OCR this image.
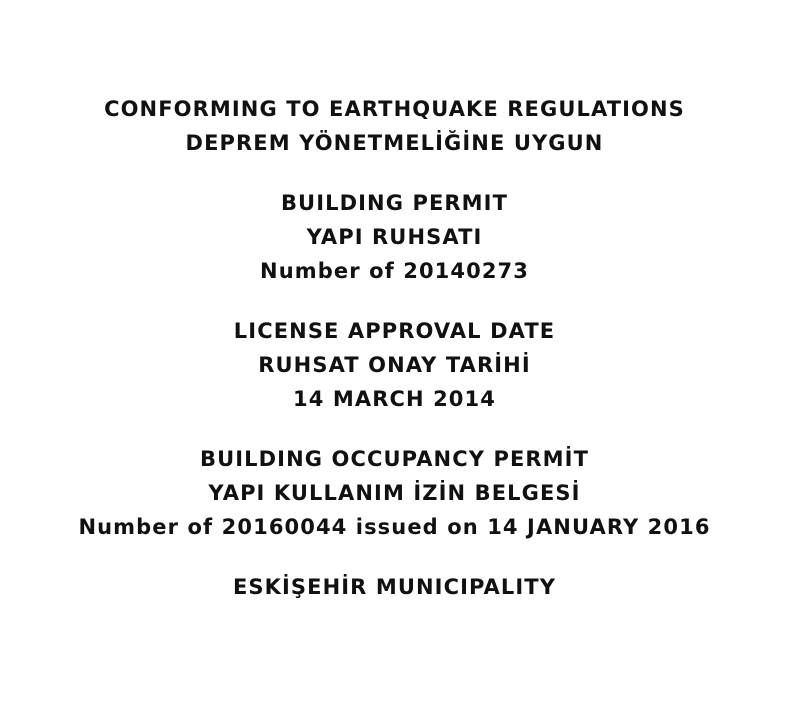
CONFORMING TO EARTHQUAKE REGULATIONS
DEPREM YÖNETMELİĞİNE UYGUN
BUILDING PERMIT
YAPI RUHSATI
Number of 20140273
LICENSE APPROVAL DATE
RUHSAT ONAY TARİHİ
14 MARCH 2014
BUILDING OCCUPANCY PERMİT
YAPI KULLANIM İZİN BELGESİ
Number of 20160044 issued on 14 JANUARY 2016
ESKİŞEHİR MUNICIPALITY
